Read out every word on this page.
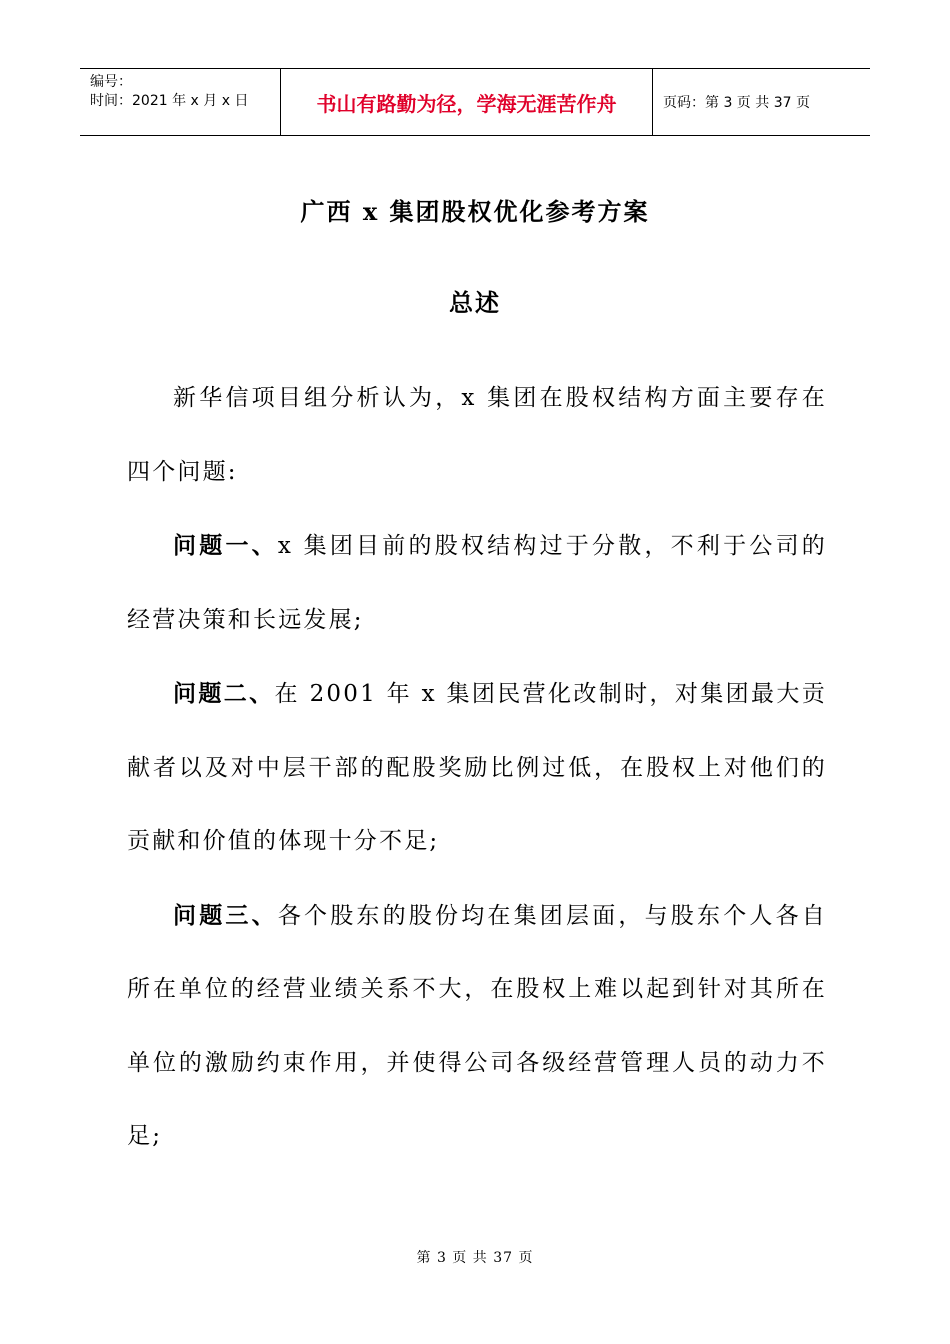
编号：
时间：2021 年 x 月 x 日	书山有路勤为径，学海无涯苦作舟	页码：第 3 页 共 37 页
广西 x 集团股权优化参考方案
总述

新华信项目组分析认为，x 集团在股权结构方面主要存在四个问题:

问题一、x 集团目前的股权结构过于分散，不利于公司的经营决策和长远发展;

问题二、在 2001 年 x 集团民营化改制时，对集团最大贡献者以及对中层干部的配股奖励比例过低，在股权上对他们的贡献和价值的体现十分不足;

问题三、各个股东的股份均在集团层面，与股东个人各自所在单位的经营业绩关系不大，在股权上难以起到针对其所在单位的激励约束作用，并使得公司各级经营管理人员的动力不足;

第 3 页 共 37 页
